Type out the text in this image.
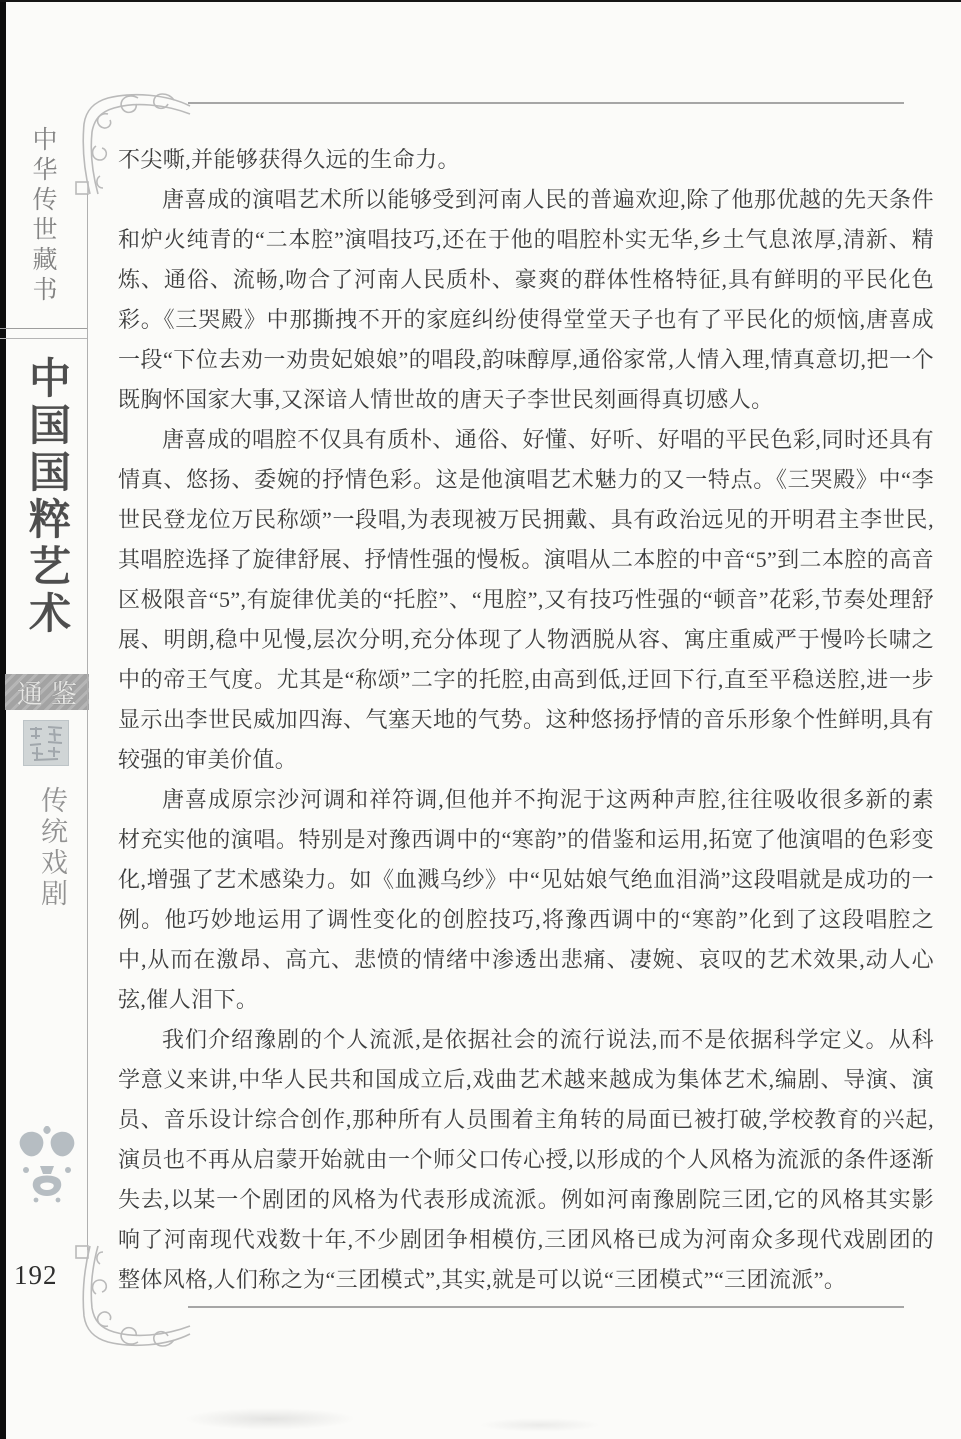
中华传世藏书
中国国粹艺术
通鉴
传统戏剧
192

不尖嘶,并能够获得久远的生命力。

唐喜成的演唱艺术所以能够受到河南人民的普遍欢迎,除了他那优越的先天条件和炉火纯青的“二本腔”演唱技巧,还在于他的唱腔朴实无华,乡土气息浓厚,清新、精炼、通俗、流畅,吻合了河南人民质朴、豪爽的群体性格特征,具有鲜明的平民化色彩。《三哭殿》中那撕拽不开的家庭纠纷使得堂堂天子也有了平民化的烦恼,唐喜成一段“下位去劝一劝贵妃娘娘”的唱段,韵味醇厚,通俗家常,人情入理,情真意切,把一个既胸怀国家大事,又深谙人情世故的唐天子李世民刻画得真切感人。

唐喜成的唱腔不仅具有质朴、通俗、好懂、好听、好唱的平民色彩,同时还具有情真、悠扬、委婉的抒情色彩。这是他演唱艺术魅力的又一特点。《三哭殿》中“李世民登龙位万民称颂”一段唱,为表现被万民拥戴、具有政治远见的开明君主李世民,其唱腔选择了旋律舒展、抒情性强的慢板。演唱从二本腔的中音“5”到二本腔的高音区极限音“5”,有旋律优美的“托腔”、“甩腔”,又有技巧性强的“顿音”花彩,节奏处理舒展、明朗,稳中见慢,层次分明,充分体现了人物洒脱从容、寓庄重威严于慢吟长啸之中的帝王气度。尤其是“称颂”二字的托腔,由高到低,迂回下行,直至平稳送腔,进一步显示出李世民威加四海、气塞天地的气势。这种悠扬抒情的音乐形象个性鲜明,具有较强的审美价值。

唐喜成原宗沙河调和祥符调,但他并不拘泥于这两种声腔,往往吸收很多新的素材充实他的演唱。特别是对豫西调中的“寒韵”的借鉴和运用,拓宽了他演唱的色彩变化,增强了艺术感染力。如《血溅乌纱》中“见姑娘气绝血泪淌”这段唱就是成功的一例。他巧妙地运用了调性变化的创腔技巧,将豫西调中的“寒韵”化到了这段唱腔之中,从而在激昂、高亢、悲愤的情绪中渗透出悲痛、凄婉、哀叹的艺术效果,动人心弦,催人泪下。

我们介绍豫剧的个人流派,是依据社会的流行说法,而不是依据科学定义。从科学意义来讲,中华人民共和国成立后,戏曲艺术越来越成为集体艺术,编剧、导演、演员、音乐设计综合创作,那种所有人员围着主角转的局面已被打破,学校教育的兴起,演员也不再从启蒙开始就由一个师父口传心授,以形成的个人风格为流派的条件逐渐失去,以某一个剧团的风格为代表形成流派。例如河南豫剧院三团,它的风格其实影响了河南现代戏数十年,不少剧团争相模仿,三团风格已成为河南众多现代戏剧团的整体风格,人们称之为“三团模式”,其实,就是可以说“三团模式”“三团流派”。
